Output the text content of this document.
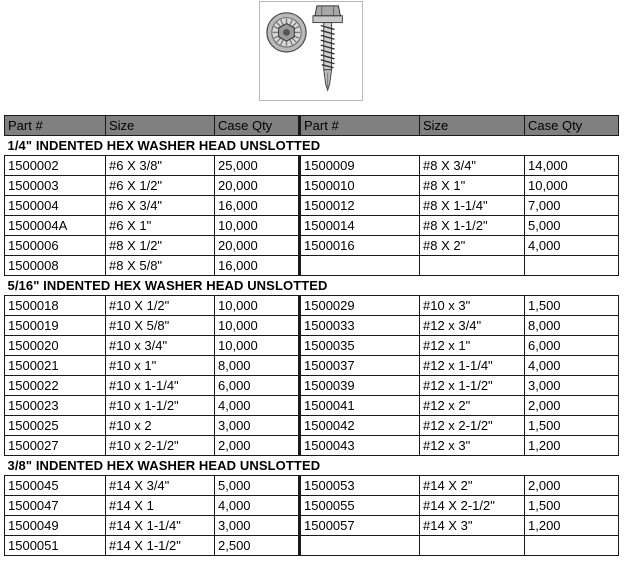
Part #	Size	Case Qty	Part #	Size	Case Qty
1/4" INDENTED HEX WASHER HEAD UNSLOTTED					
1500002	#6 X 3/8"	25,000	1500009	#8 X 3/4"	14,000
1500003	#6 X 1/2"	20,000	1500010	#8 X 1"	10,000
1500004	#6 X 3/4"	16,000	1500012	#8 X 1-1/4"	7,000
1500004A	#6 X 1"	10,000	1500014	#8 X 1-1/2"	5,000
1500006	#8 X 1/2"	20,000	1500016	#8 X 2"	4,000
1500008	#8 X 5/8"	16,000			
5/16" INDENTED HEX WASHER HEAD UNSLOTTED					
1500018	#10 X 1/2"	10,000	1500029	#10 x 3"	1,500
1500019	#10 X 5/8"	10,000	1500033	#12 x 3/4"	8,000
1500020	#10 x 3/4"	10,000	1500035	#12 x 1"	6,000
1500021	#10 x 1"	8,000	1500037	#12 x 1-1/4"	4,000
1500022	#10 x 1-1/4"	6,000	1500039	#12 x 1-1/2"	3,000
1500023	#10 x 1-1/2"	4,000	1500041	#12 x 2"	2,000
1500025	#10 x 2	3,000	1500042	#12 x 2-1/2"	1,500
1500027	#10 x 2-1/2"	2,000	1500043	#12 x 3"	1,200
3/8" INDENTED HEX WASHER HEAD UNSLOTTED					
1500045	#14 X 3/4"	5,000	1500053	#14 X 2"	2,000
1500047	#14 X 1	4,000	1500055	#14 X 2-1/2"	1,500
1500049	#14 X 1-1/4"	3,000	1500057	#14 X 3"	1,200
1500051	#14 X 1-1/2"	2,500			
